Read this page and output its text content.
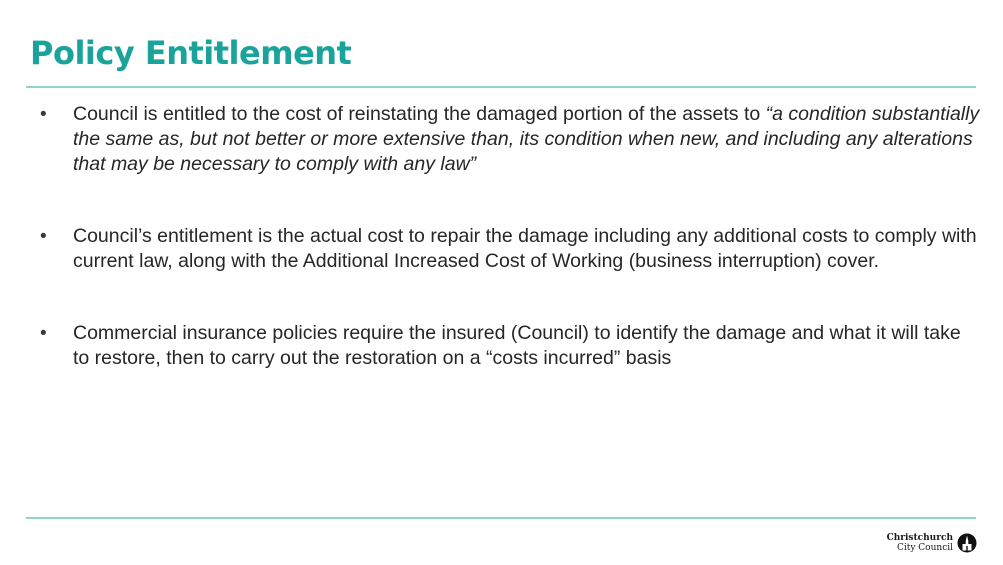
Policy Entitlement
• Council is entitled to the cost of reinstating the damaged portion of the assets to “a condition substantially the same as, but not better or more extensive than, its condition when new, and including any alterations that may be necessary to comply with any law”
• Council’s entitlement is the actual cost to repair the damage including any additional costs to comply with current law, along with the Additional Increased Cost of Working (business interruption) cover.
• Commercial insurance policies require the insured (Council) to identify the damage and what it will take to restore, then to carry out the restoration on a “costs incurred” basis
Christchurch
City Council
